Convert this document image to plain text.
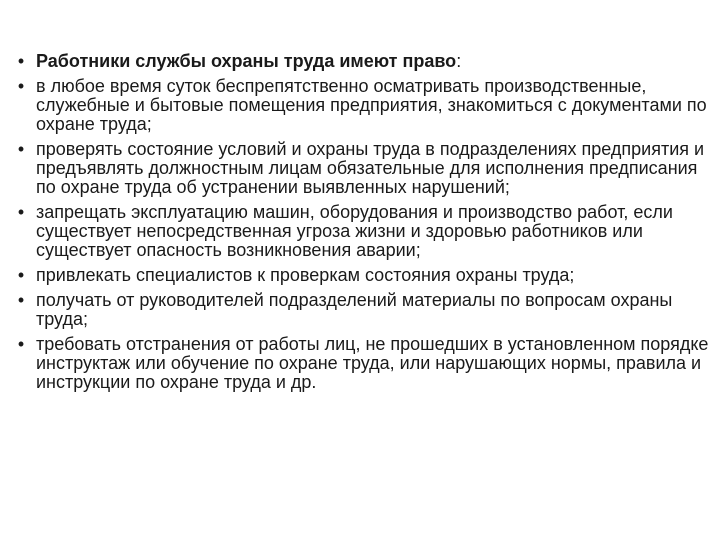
• Работники службы охраны труда имеют право:
• в любое время суток беспрепятственно осматривать производственные, служебные и бытовые помещения предприятия, знакомиться с документами по охране труда;
• проверять состояние условий и охраны труда в подразделениях предприятия и предъявлять должностным лицам обязательные для исполнения предписания по охране труда об устранении выявленных нарушений;
• запрещать эксплуатацию машин, оборудования и производство работ, если существует непосредственная угроза жизни и здоровью работников или существует опасность возникновения аварии;
• привлекать специалистов к проверкам состояния охраны труда;
• получать от руководителей подразделений материалы по вопросам охраны труда;
• требовать отстранения от работы лиц, не прошедших в установленном порядке инструктаж или обучение по охране труда, или нарушающих нормы, правила и инструкции по охране труда и др.
